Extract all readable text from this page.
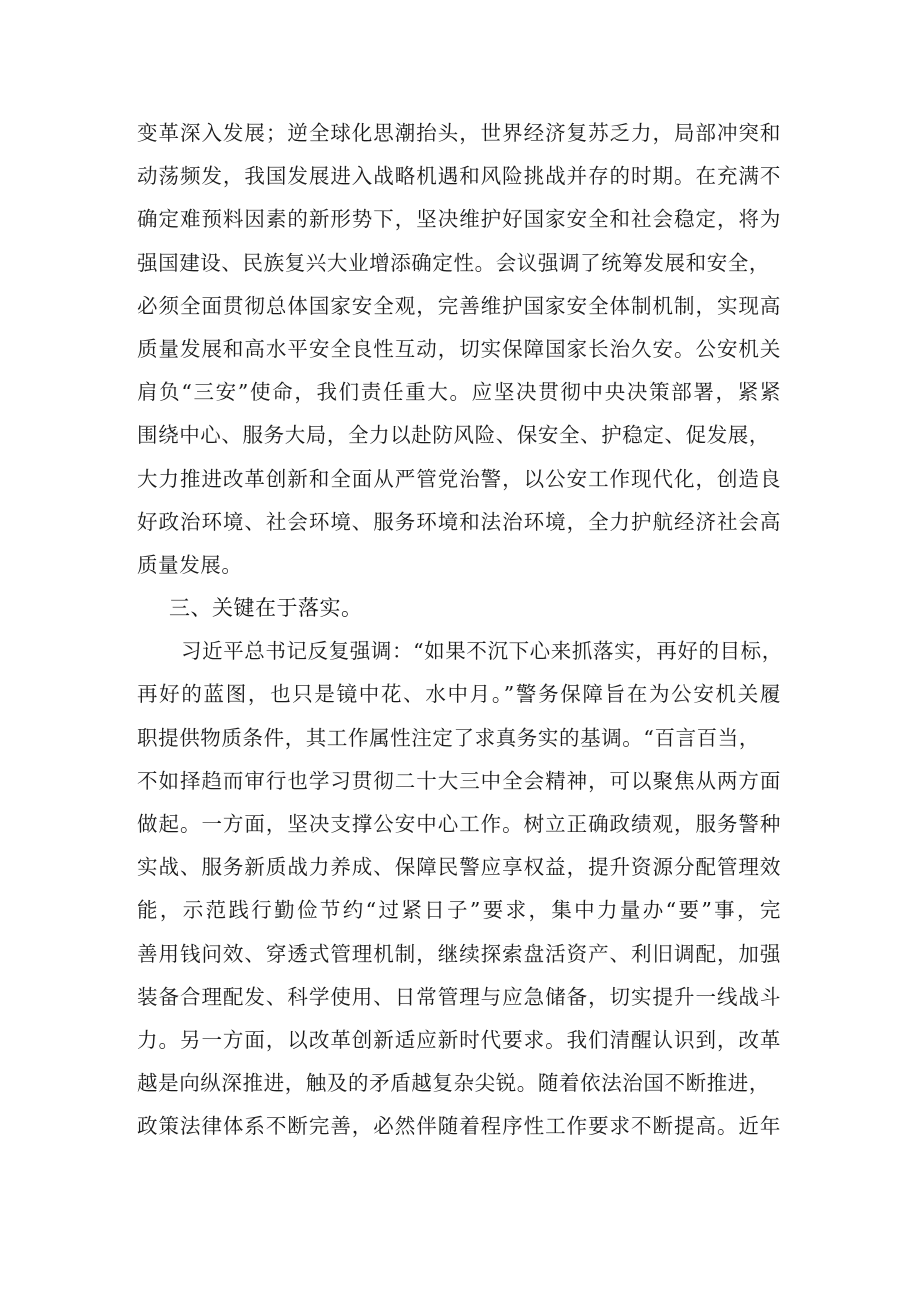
变革深入发展；逆全球化思潮抬头，世界经济复苏乏力，局部冲突和
动荡频发，我国发展进入战略机遇和风险挑战并存的时期。在充满不
确定难预料因素的新形势下，坚决维护好国家安全和社会稳定，将为
强国建设、民族复兴大业增添确定性。会议强调了统筹发展和安全，
必须全面贯彻总体国家安全观，完善维护国家安全体制机制，实现高
质量发展和高水平安全良性互动，切实保障国家长治久安。公安机关
肩负“三安”使命，我们责任重大。应坚决贯彻中央决策部署，紧紧
围绕中心、服务大局，全力以赴防风险、保安全、护稳定、促发展，
大力推进改革创新和全面从严管党治警，以公安工作现代化，创造良
好政治环境、社会环境、服务环境和法治环境，全力护航经济社会高
质量发展。
三、关键在于落实。
习近平总书记反复强调：“如果不沉下心来抓落实，再好的目标，
再好的蓝图，也只是镜中花、水中月。”警务保障旨在为公安机关履
职提供物质条件，其工作属性注定了求真务实的基调。“百言百当，
不如择趋而审行也学习贯彻二十大三中全会精神，可以聚焦从两方面
做起。一方面，坚决支撑公安中心工作。树立正确政绩观，服务警种
实战、服务新质战力养成、保障民警应享权益，提升资源分配管理效
能，示范践行勤俭节约“过紧日子”要求，集中力量办“要”事，完
善用钱问效、穿透式管理机制，继续探索盘活资产、利旧调配，加强
装备合理配发、科学使用、日常管理与应急储备，切实提升一线战斗
力。另一方面，以改革创新适应新时代要求。我们清醒认识到，改革
越是向纵深推进，触及的矛盾越复杂尖锐。随着依法治国不断推进，
政策法律体系不断完善，必然伴随着程序性工作要求不断提高。近年
